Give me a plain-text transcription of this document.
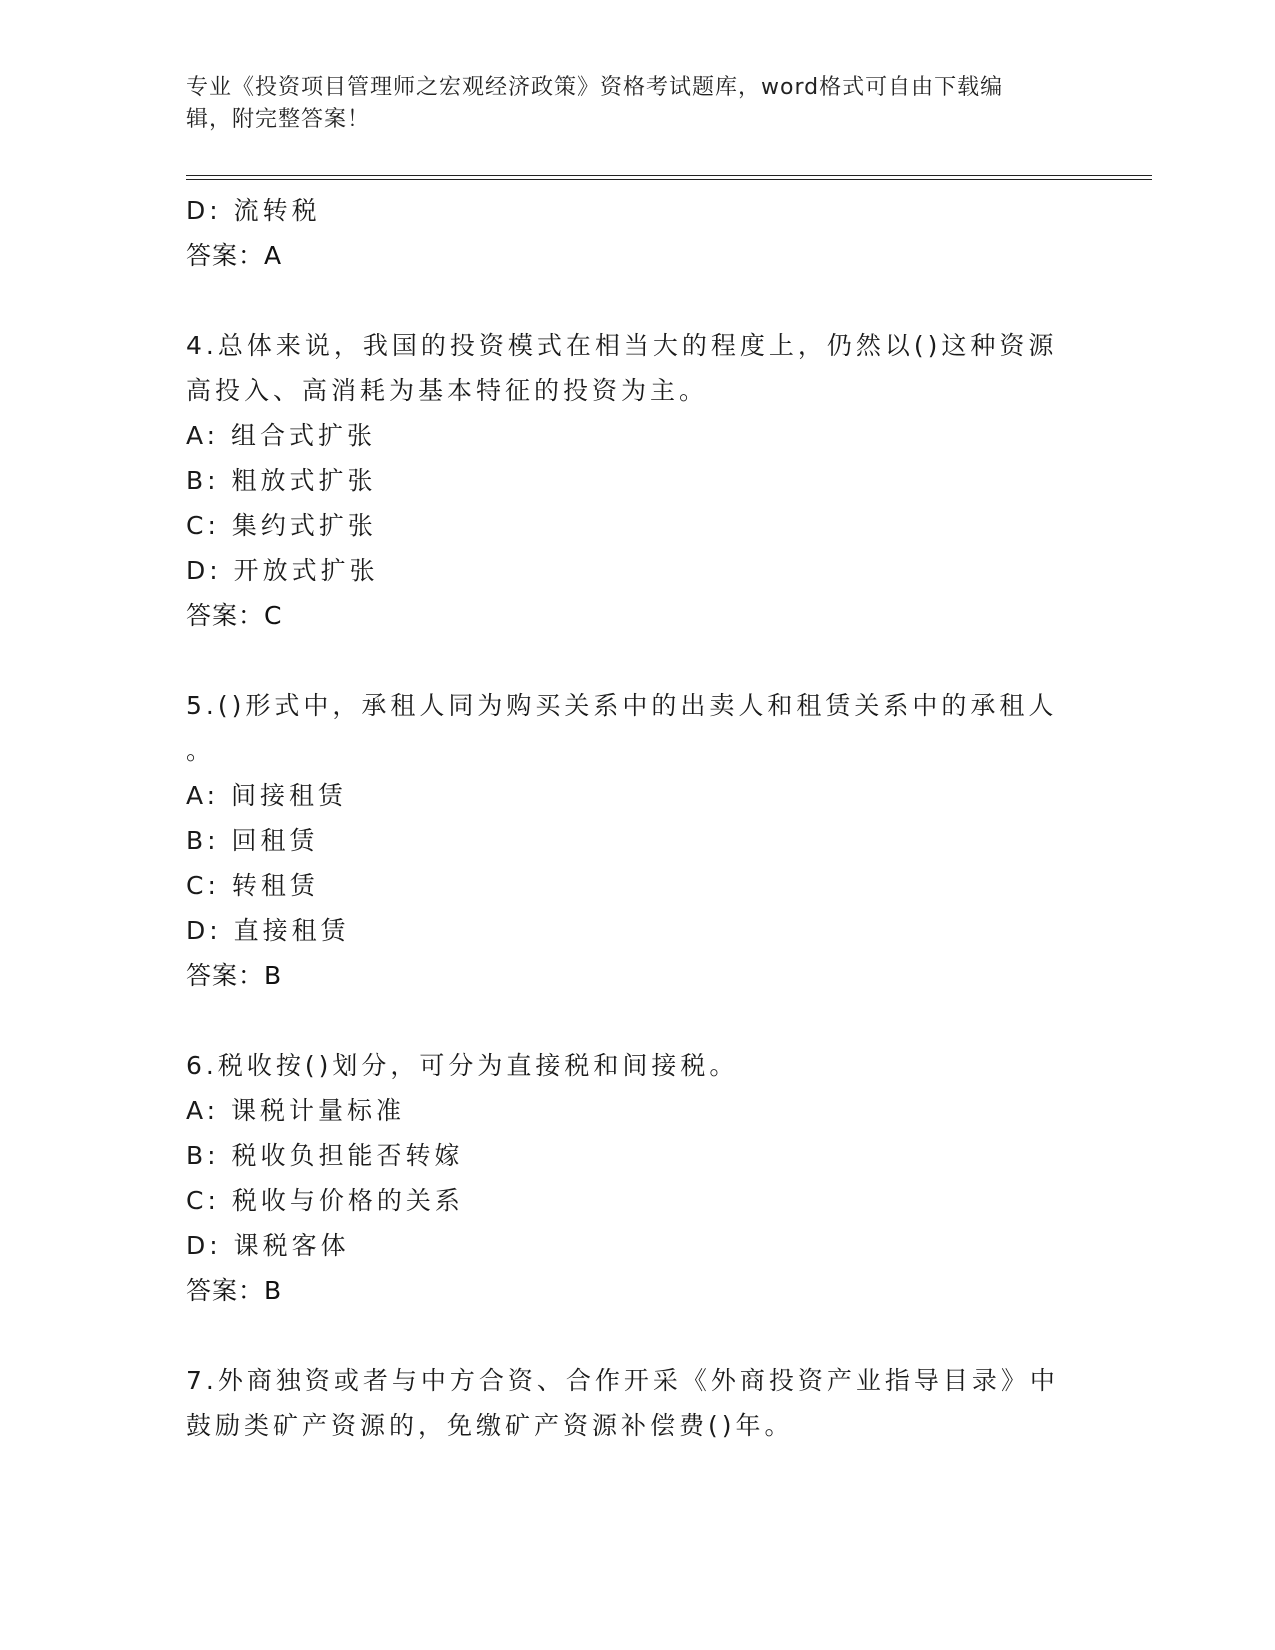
专业《投资项目管理师之宏观经济政策》资格考试题库，word格式可自由下载编
辑，附完整答案！

D: 流转税

答案：A

4.总体来说，我国的投资模式在相当大的程度上，仍然以()这种资源

高投入、高消耗为基本特征的投资为主。

A: 组合式扩张

B: 粗放式扩张

C: 集约式扩张

D: 开放式扩张

答案：C

5.()形式中，承租人同为购买关系中的出卖人和租赁关系中的承租人

。

A: 间接租赁

B: 回租赁

C: 转租赁

D: 直接租赁

答案：B

6.税收按()划分，可分为直接税和间接税。

A: 课税计量标准

B: 税收负担能否转嫁

C: 税收与价格的关系

D: 课税客体

答案：B

7.外商独资或者与中方合资、合作开采《外商投资产业指导目录》中

鼓励类矿产资源的，免缴矿产资源补偿费()年。
